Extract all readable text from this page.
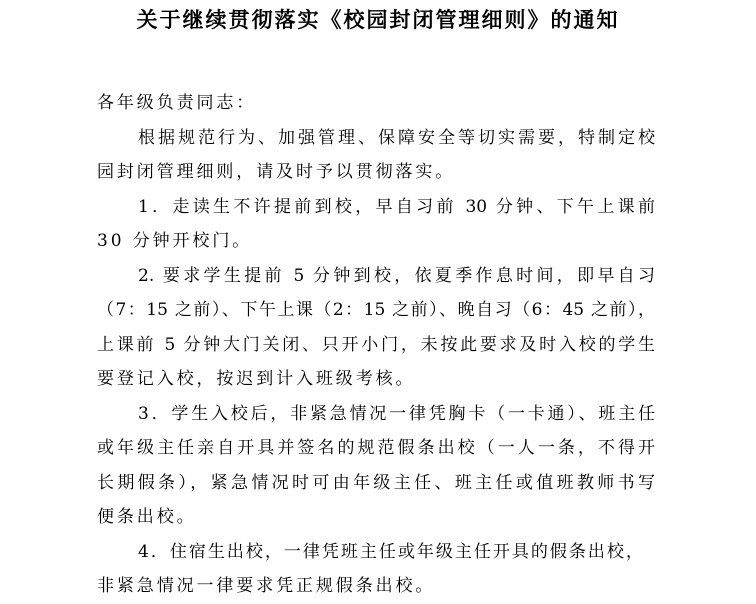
关于继续贯彻落实《校园封闭管理细则》的通知
各年级负责同志：
根据规范行为、加强管理、保障安全等切实需要，特制定校
园封闭管理细则，请及时予以贯彻落实。
1．走读生不许提前到校，早自习前 30 分钟、下午上课前
30 分钟开校门。
2. 要求学生提前 5 分钟到校，依夏季作息时间，即早自习
（7：15 之前）、下午上课（2：15 之前）、晚自习（6：45 之前），
上课前 5 分钟大门关闭、只开小门，未按此要求及时入校的学生
要登记入校，按迟到计入班级考核。
3．学生入校后，非紧急情况一律凭胸卡（一卡通）、班主任
或年级主任亲自开具并签名的规范假条出校（一人一条，不得开
长期假条），紧急情况时可由年级主任、班主任或值班教师书写
便条出校。
4．住宿生出校，一律凭班主任或年级主任开具的假条出校，
非紧急情况一律要求凭正规假条出校。
